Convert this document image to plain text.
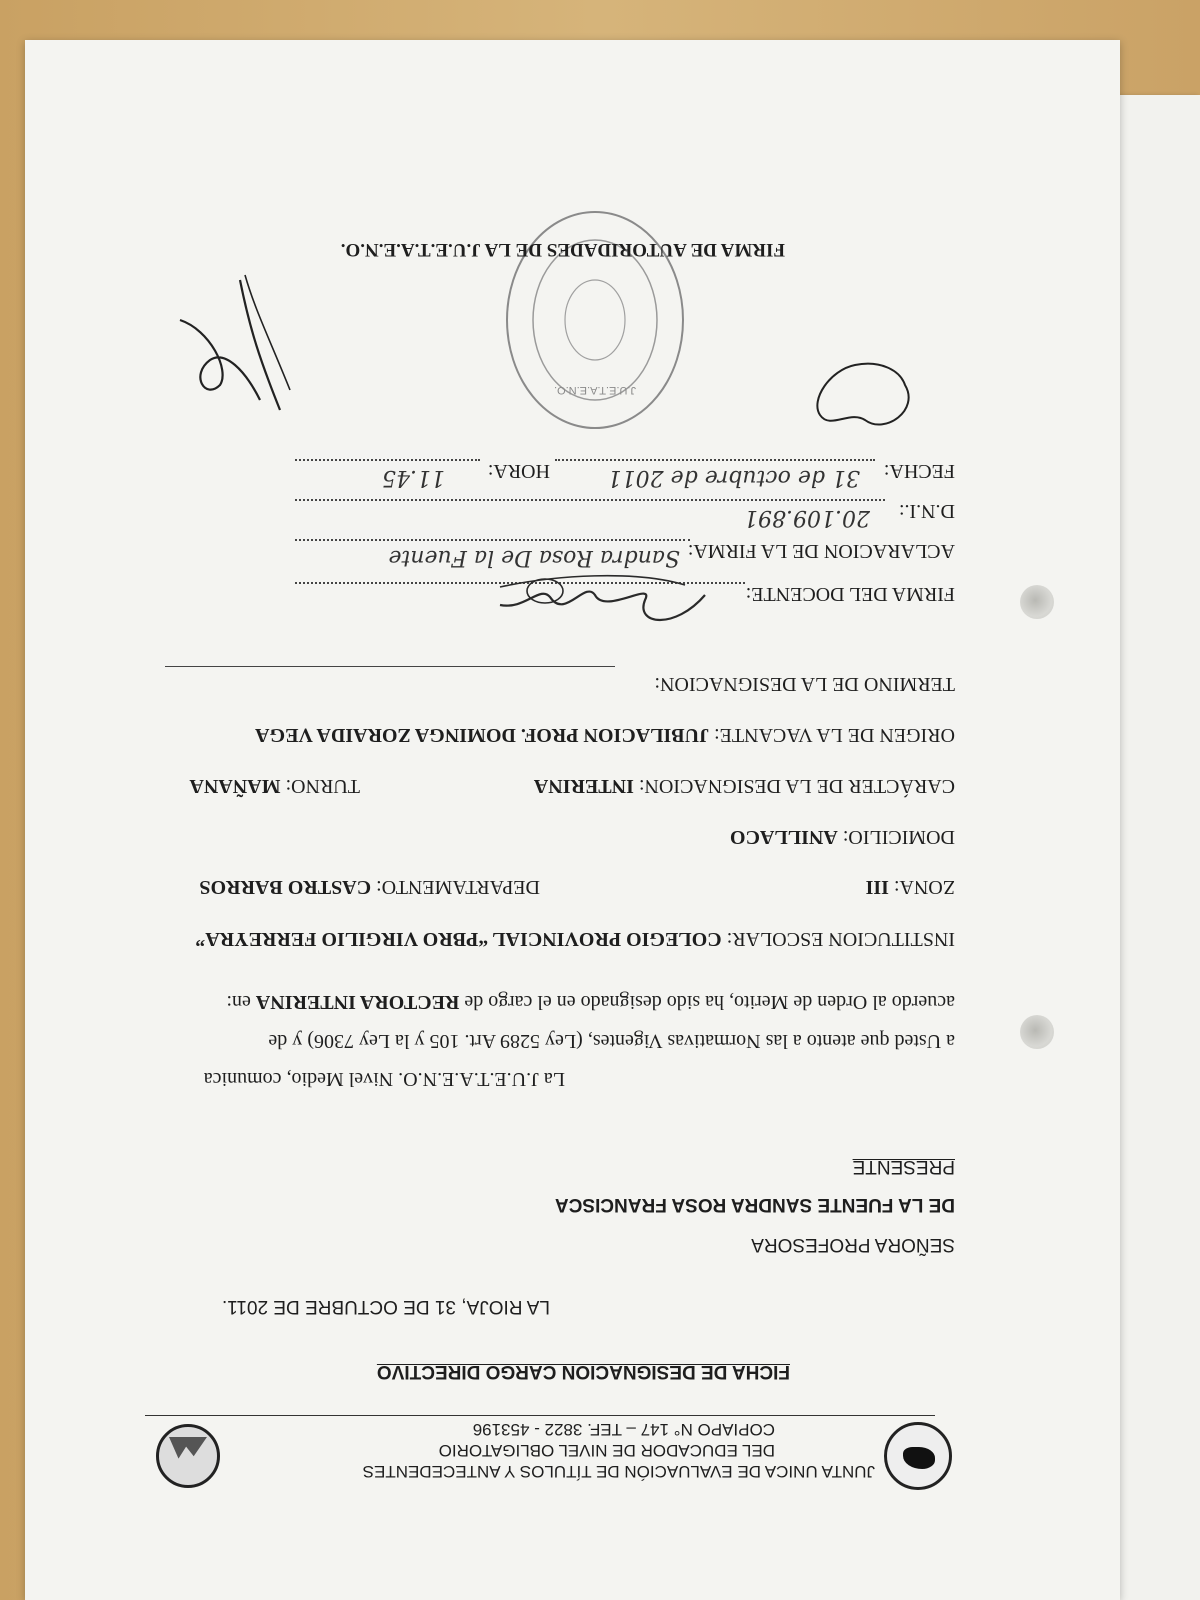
JUNTA UNICA DE EVALUACIÓN DE TÍTULOS Y ANTECEDENTES
DEL EDUCADOR DE NIVEL OBLIGATORIO
COPIAPO N° 147 – TEF. 3822 - 453196
FICHA DE DESIGNACION CARGO DIRECTIVO
LA RIOJA, 31 DE OCTUBRE DE 2011.
SEÑORA PROFESORA
DE LA FUENTE SANDRA ROSA FRANCISCA
PRESENTE
La J.U.E.T.A.E.N.O. Nivel Medio, comunica
a Usted que atento a las Normativas Vigentes, (Ley 5289 Art. 105 y la Ley 7306) y de
acuerdo al Orden de Merito, ha sido designado en el cargo de RECTORA INTERINA en:
INSTITUCION ESCOLAR: COLEGIO PROVINCIAL “PBRO VIRGILIO FERREYRA”
ZONA: III
DEPARTAMENTO: CASTRO BARROS
DOMICILIO: ANILLACO
CARÁCTER DE LA DESIGNACION: INTERINA
TURNO: MAÑANA
ORIGEN DE LA VACANTE: JUBILACION PROF. DOMINGA ZORAIDA VEGA
TERMINO DE LA DESIGNACION:
FIRMA DEL DOCENTE:
ACLARACION DE LA FIRMA:
Sandra Rosa De la Fuente
D.N.I.:
20.109.891
FECHA:
31 de octubre de 2011
HORA:
11.45
J.U.E.T.A.E.N.O.
FIRMA DE AUTORIDADES DE LA J.U.E.T.A.E.N.O.
